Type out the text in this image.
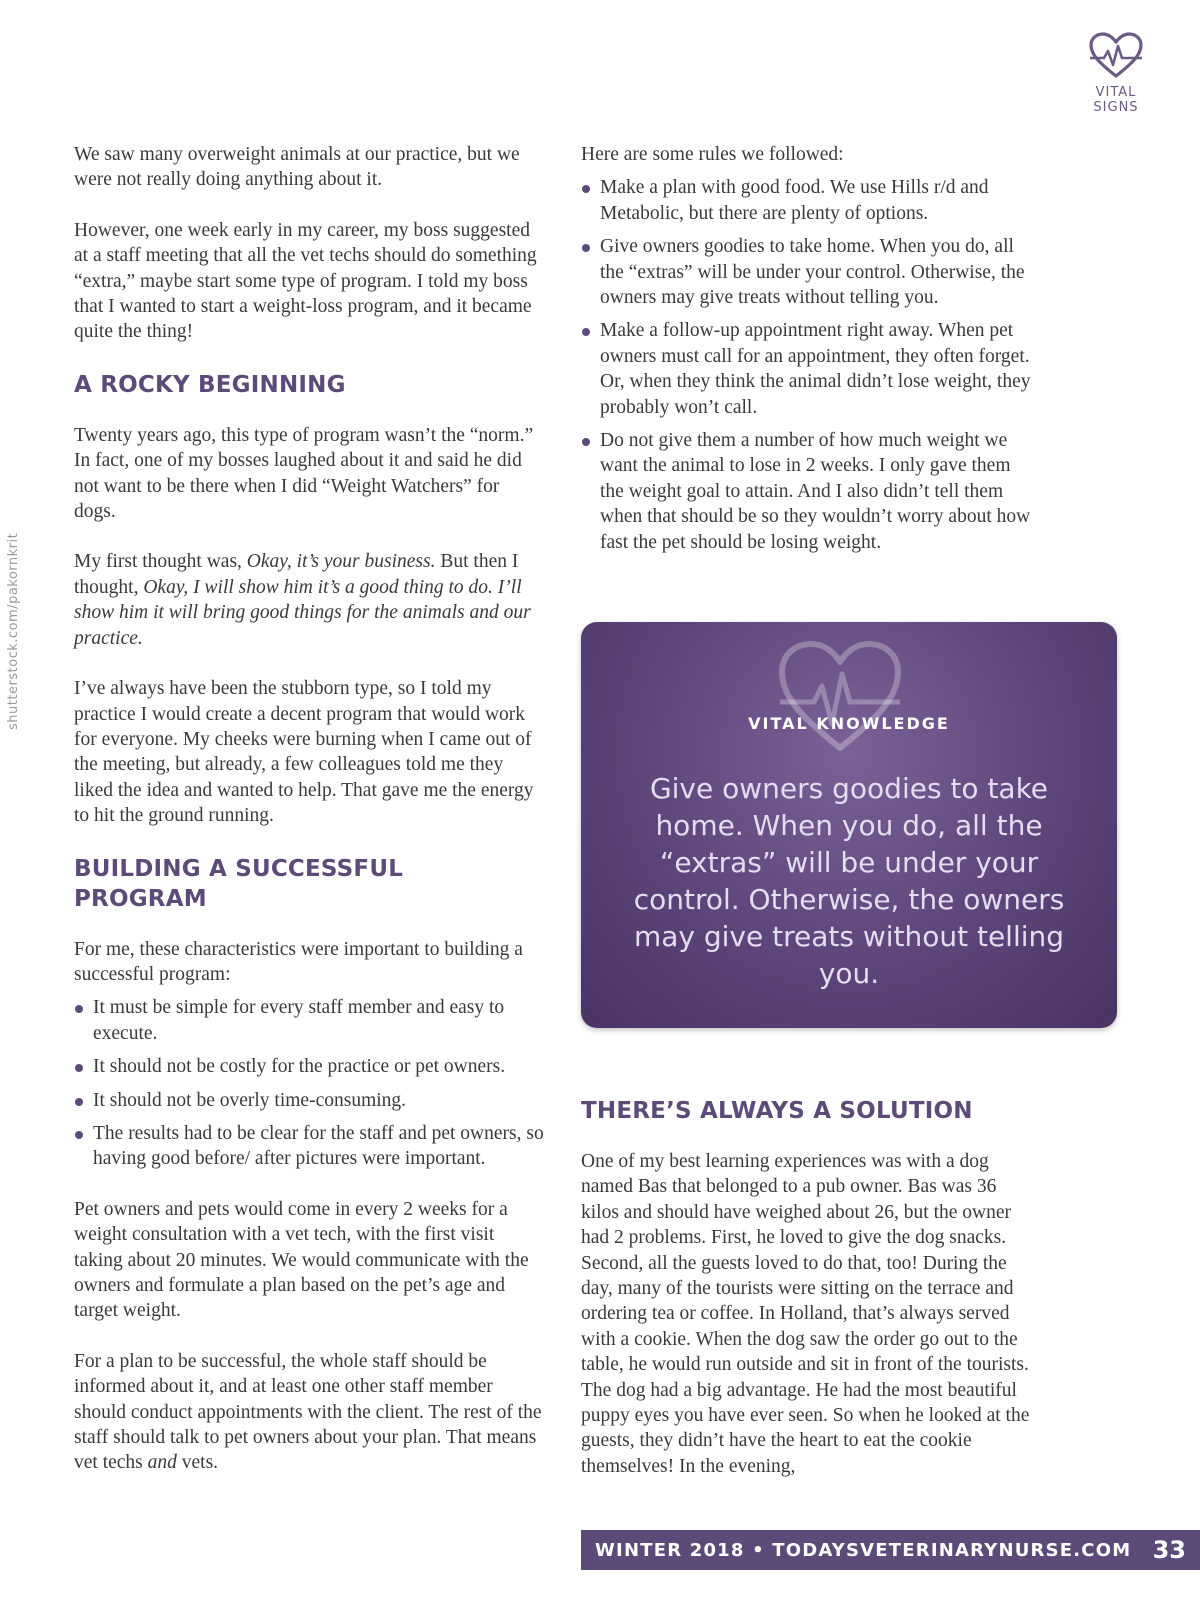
VITAL
SIGNS
shutterstock.com/pakornkrit

We saw many overweight animals at our practice, but we were not really doing anything about it.

However, one week early in my career, my boss suggested at a staff meeting that all the vet techs should do something “extra,” maybe start some type of program. I told my boss that I wanted to start a weight-loss program, and it became quite the thing!

A ROCKY BEGINNING

Twenty years ago, this type of program wasn’t the “norm.” In fact, one of my bosses laughed about it and said he did not want to be there when I did “Weight Watchers” for dogs.

My first thought was, Okay, it’s your business. But then I thought, Okay, I will show him it’s a good thing to do. I’ll show him it will bring good things for the animals and our practice.

I’ve always have been the stubborn type, so I told my practice I would create a decent program that would work for everyone. My cheeks were burning when I came out of the meeting, but already, a few colleagues told me they liked the idea and wanted to help. That gave me the energy to hit the ground running.

BUILDING A SUCCESSFUL PROGRAM

For me, these characteristics were important to building a successful program:

It must be simple for every staff member and easy to execute.
It should not be costly for the practice or pet owners.
It should not be overly time-consuming.
The results had to be clear for the staff and pet owners, so having good before/ after pictures were important.

Pet owners and pets would come in every 2 weeks for a weight consultation with a vet tech, with the first visit taking about 20 minutes. We would communicate with the owners and formulate a plan based on the pet’s age and target weight.

For a plan to be successful, the whole staff should be informed about it, and at least one other staff member should conduct appointments with the client. The rest of the staff should talk to pet owners about your plan. That means vet techs and vets.

Here are some rules we followed:

Make a plan with good food. We use Hills r/d and Metabolic, but there are plenty of options.
Give owners goodies to take home. When you do, all the “extras” will be under your control. Otherwise, the owners may give treats without telling you.
Make a follow-up appointment right away. When pet owners must call for an appointment, they often forget. Or, when they think the animal didn’t lose weight, they probably won’t call.
Do not give them a number of how much weight we want the animal to lose in 2 weeks. I only gave them the weight goal to attain. And I also didn’t tell them when that should be so they wouldn’t worry about how fast the pet should be losing weight.
VITAL KNOWLEDGE
Give owners goodies to take home. When you do, all the “extras” will be under your control. Otherwise, the owners may give treats without telling you.
THERE’S ALWAYS A SOLUTION

One of my best learning experiences was with a dog named Bas that belonged to a pub owner. Bas was 36 kilos and should have weighed about 26, but the owner had 2 problems. First, he loved to give the dog snacks. Second, all the guests loved to do that, too! During the day, many of the tourists were sitting on the terrace and ordering tea or coffee. In Holland, that’s always served with a cookie. When the dog saw the order go out to the table, he would run outside and sit in front of the tourists. The dog had a big advantage. He had the most beautiful puppy eyes you have ever seen. So when he looked at the guests, they didn’t have the heart to eat the cookie themselves! In the evening,

WINTER 2018 • TODAYSVETERINARYNURSE.COM 33
